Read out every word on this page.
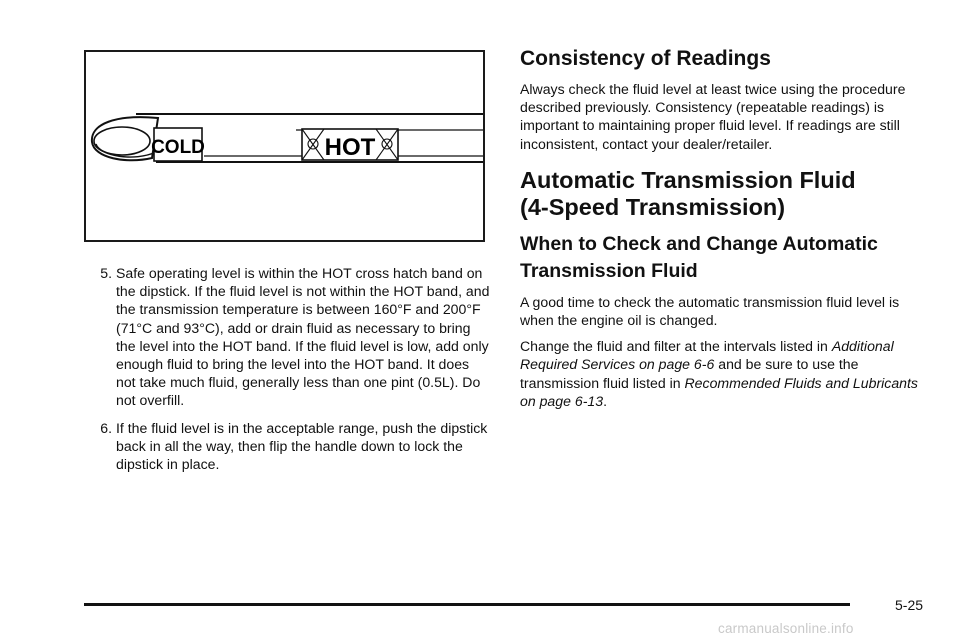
COLD	HOT
5. Safe operating level is within the HOT cross hatch band on the dipstick. If the fluid level is not within the HOT band, and the transmission temperature is between 160°F and 200°F (71°C and 93°C), add or drain fluid as necessary to bring the level into the HOT band. If the fluid level is low, add only enough fluid to bring the level into the HOT band. It does not take much fluid, generally less than one pint (0.5L). Do not overfill.
6. If the fluid level is in the acceptable range, push the dipstick back in all the way, then flip the handle down to lock the dipstick in place.
Consistency of Readings

Always check the fluid level at least twice using the procedure described previously. Consistency (repeatable readings) is important to maintaining proper fluid level. If readings are still inconsistent, contact your dealer/retailer.

Automatic Transmission Fluid
(4-Speed Transmission)
When to Check and Change Automatic
Transmission Fluid

A good time to check the automatic transmission fluid level is when the engine oil is changed.

Change the fluid and filter at the intervals listed in Additional Required Services on page 6-6 and be sure to use the transmission fluid listed in Recommended Fluids and Lubricants on page 6-13.

5-25
carmanualsonline.info
